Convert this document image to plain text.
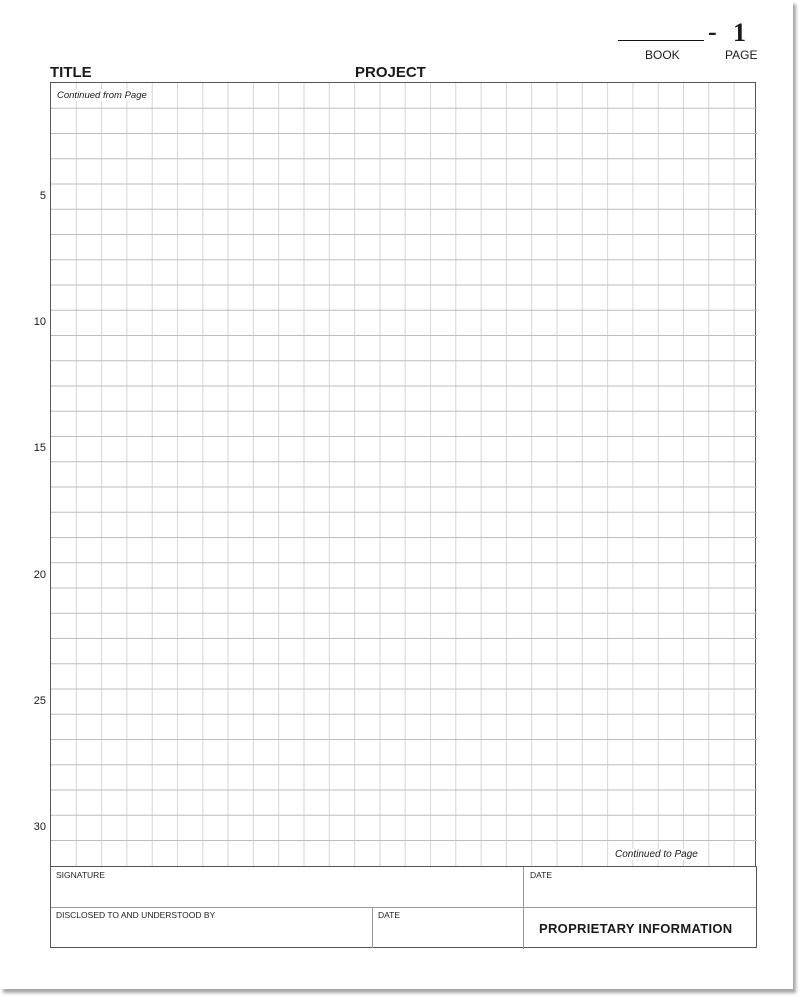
- 1
BOOK	PAGE
TITLE	PROJECT
Continued from Page
Continued to Page
5
10
15
20
25
30
SIGNATURE	DATE
DISCLOSED TO AND UNDERSTOOD BY	DATE
PROPRIETARY INFORMATION
